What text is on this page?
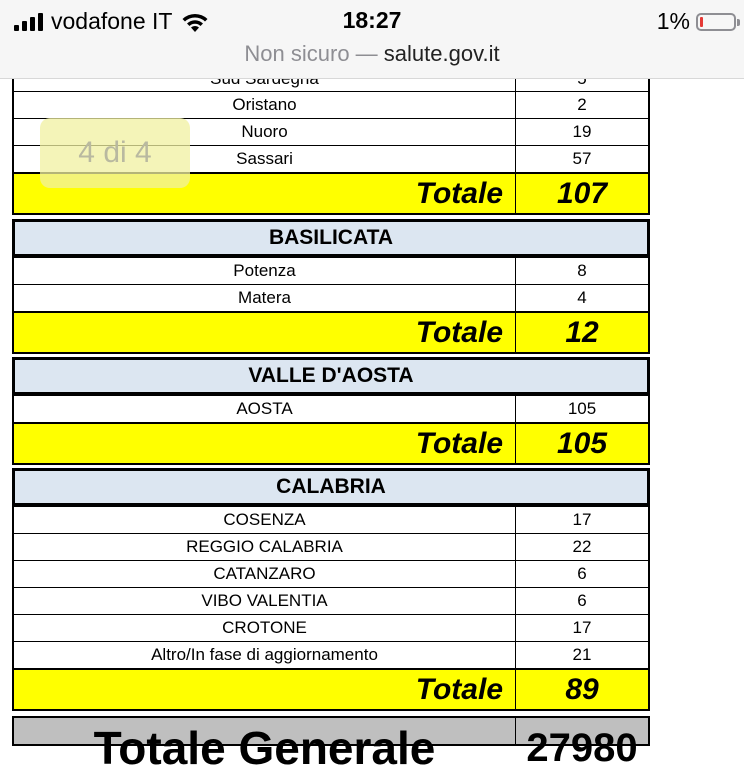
Oristano	2
Nuoro	19
Sassari	57
Totale	107
BASILICATA
Potenza	8
Matera	4
Totale	12
VALLE D'AOSTA
AOSTA	105
Totale	105
CALABRIA
COSENZA	17
REGGIO CALABRIA	22
CATANZARO	6
VIBO VALENTIA	6
CROTONE	17
Altro/In fase di aggiornamento	21
Totale	89
Totale Generale	27980
4 di 4
vodafone IT	18:27	1%
Non sicuro — salute.gov.it
